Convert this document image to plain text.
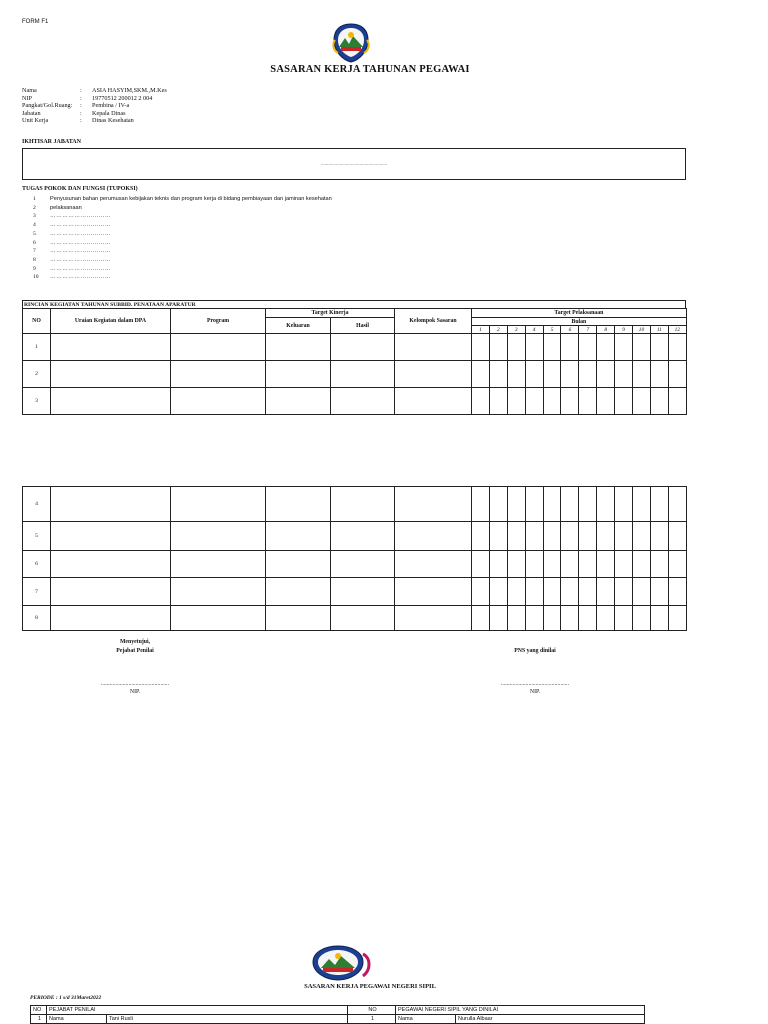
FORM F1
SASARAN KERJA TAHUNAN PEGAWAI
Nama	:	ASIA HASYIM,SKM.,M.Kes
NIP	:	19770512 200012 2 004
Pangkat/Gol.Ruang:	:	Pembina / IV-a
Jabatan	:	Kepala Dinas
Unit Kerja	:	Dinas Kesehatan
IKHTISAR JABATAN
.....................................................
TUGAS POKOK DAN FUNGSI (TUPOKSI)
1	Penyusunan bahan perumusan kebijakan teknis dan program kerja di bidang pembiayaan dan jaminan kesehatan
2	pelaksanaan
3	…………………………
4	…………………………
5	…………………………
6	…………………………
7	…………………………
8	…………………………
9	…………………………
10	…………………………
RINCIAN KEGIATAN TAHUNAN SUBBID. PENATAAN APARATUR
NO	Uraian Kegiatan dalam DPA	Program	Target Kinerja		Kelompok Sasaran	Target Pelaksanaan											
			Keluaran	Hasil		Bulan											
						1	2	3	4	5	6	7	8	9	10	11	12
1																	
2																	
3																	
4																	
5																	
6																	
7																	
8																	
Menyetujui,
Pejabat Penilai	PNS yang dinilai
...............................................
NIP.
...............................................
NIP.
SASARAN KERJA PEGAWAI NEGERI SIPIL
PERIODE : 1 s/d 31Maret2022
NO	PEJABAT PENILAI		NO	PEGAWAI NEGERI SIPIL YANG DINILAI	
1	Nama	Tani Rusli	1	Nama	Nurulla Albaar
